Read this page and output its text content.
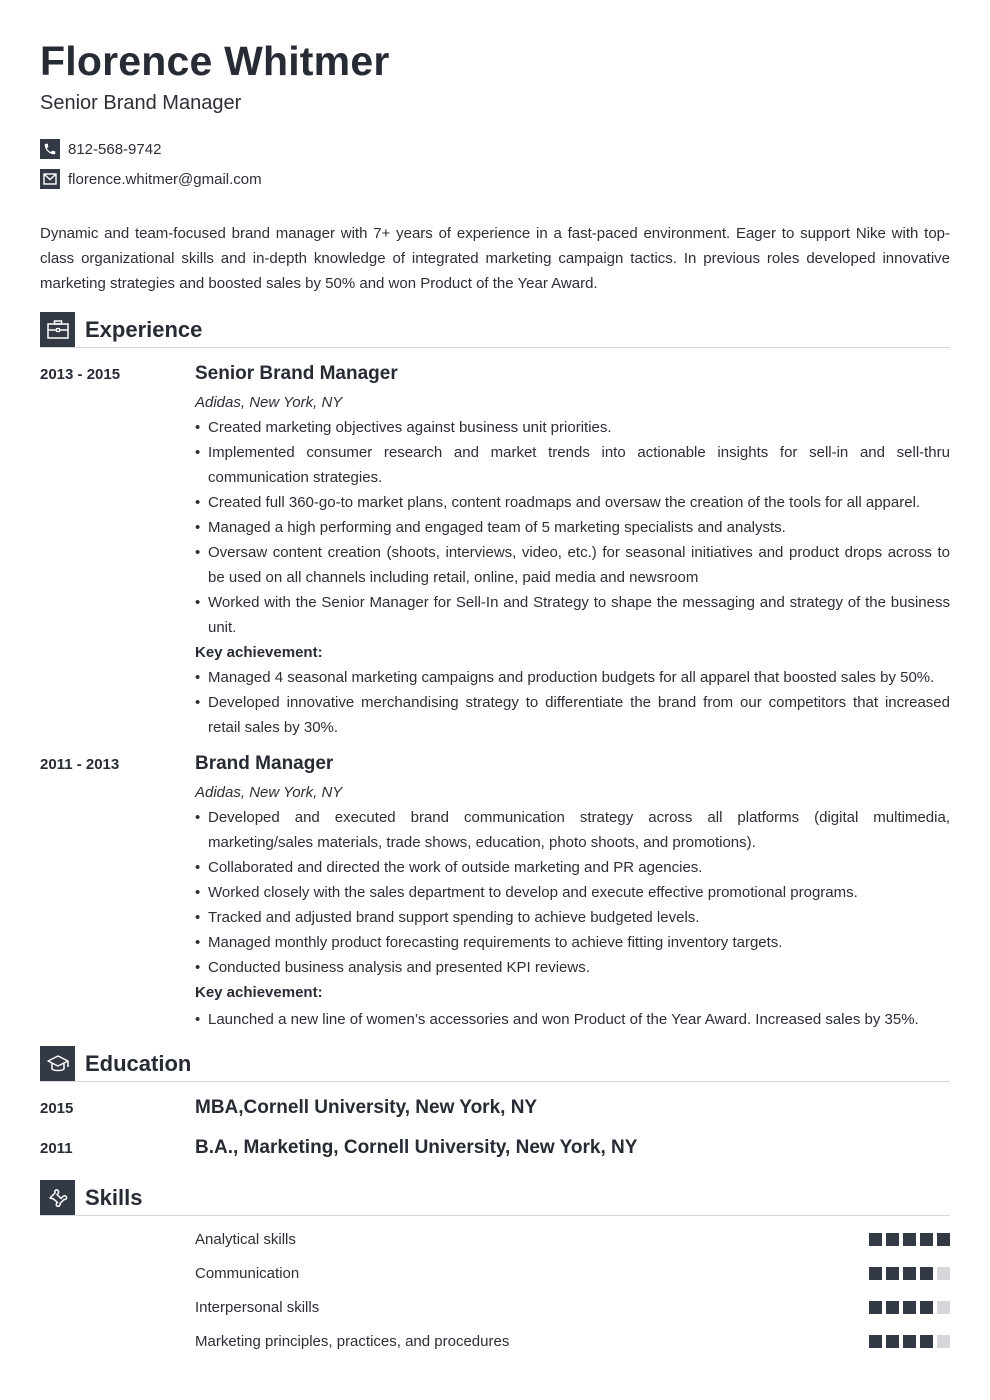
Florence Whitmer
Senior Brand Manager
812-568-9742
florence.whitmer@gmail.com
Dynamic and team-focused brand manager with 7+ years of experience in a fast-paced environment. Eager to support Nike with top-class organizational skills and in-depth knowledge of integrated marketing campaign tactics. In previous roles developed innovative marketing strategies and boosted sales by 50% and won Product of the Year Award.
Experience
2013 - 2015	Senior Brand Manager
Adidas, New York, NY
• Created marketing objectives against business unit priorities.
• Implemented consumer research and market trends into actionable insights for sell-in and sell-thru communication strategies.
• Created full 360-go-to market plans, content roadmaps and oversaw the creation of the tools for all apparel.
• Managed a high performing and engaged team of 5 marketing specialists and analysts.
• Oversaw content creation (shoots, interviews, video, etc.) for seasonal initiatives and product drops across to be used on all channels including retail, online, paid media and newsroom
• Worked with the Senior Manager for Sell-In and Strategy to shape the messaging and strategy of the business unit.
Key achievement:
• Managed 4 seasonal marketing campaigns and production budgets for all apparel that boosted sales by 50%.
• Developed innovative merchandising strategy to differentiate the brand from our competitors that increased retail sales by 30%.
2011 - 2013	Brand Manager
Adidas, New York, NY
• Developed and executed brand communication strategy across all platforms (digital multimedia, marketing/sales materials, trade shows, education, photo shoots, and promotions).
• Collaborated and directed the work of outside marketing and PR agencies.
• Worked closely with the sales department to develop and execute effective promotional programs.
• Tracked and adjusted brand support spending to achieve budgeted levels.
• Managed monthly product forecasting requirements to achieve fitting inventory targets.
• Conducted business analysis and presented KPI reviews.
Key achievement:
• Launched a new line of women’s accessories and won Product of the Year Award. Increased sales by 35%.
Education
2015	MBA,Cornell University, New York, NY
2011	B.A., Marketing, Cornell University, New York, NY
Skills
Analytical skills
Communication
Interpersonal skills
Marketing principles, practices, and procedures
